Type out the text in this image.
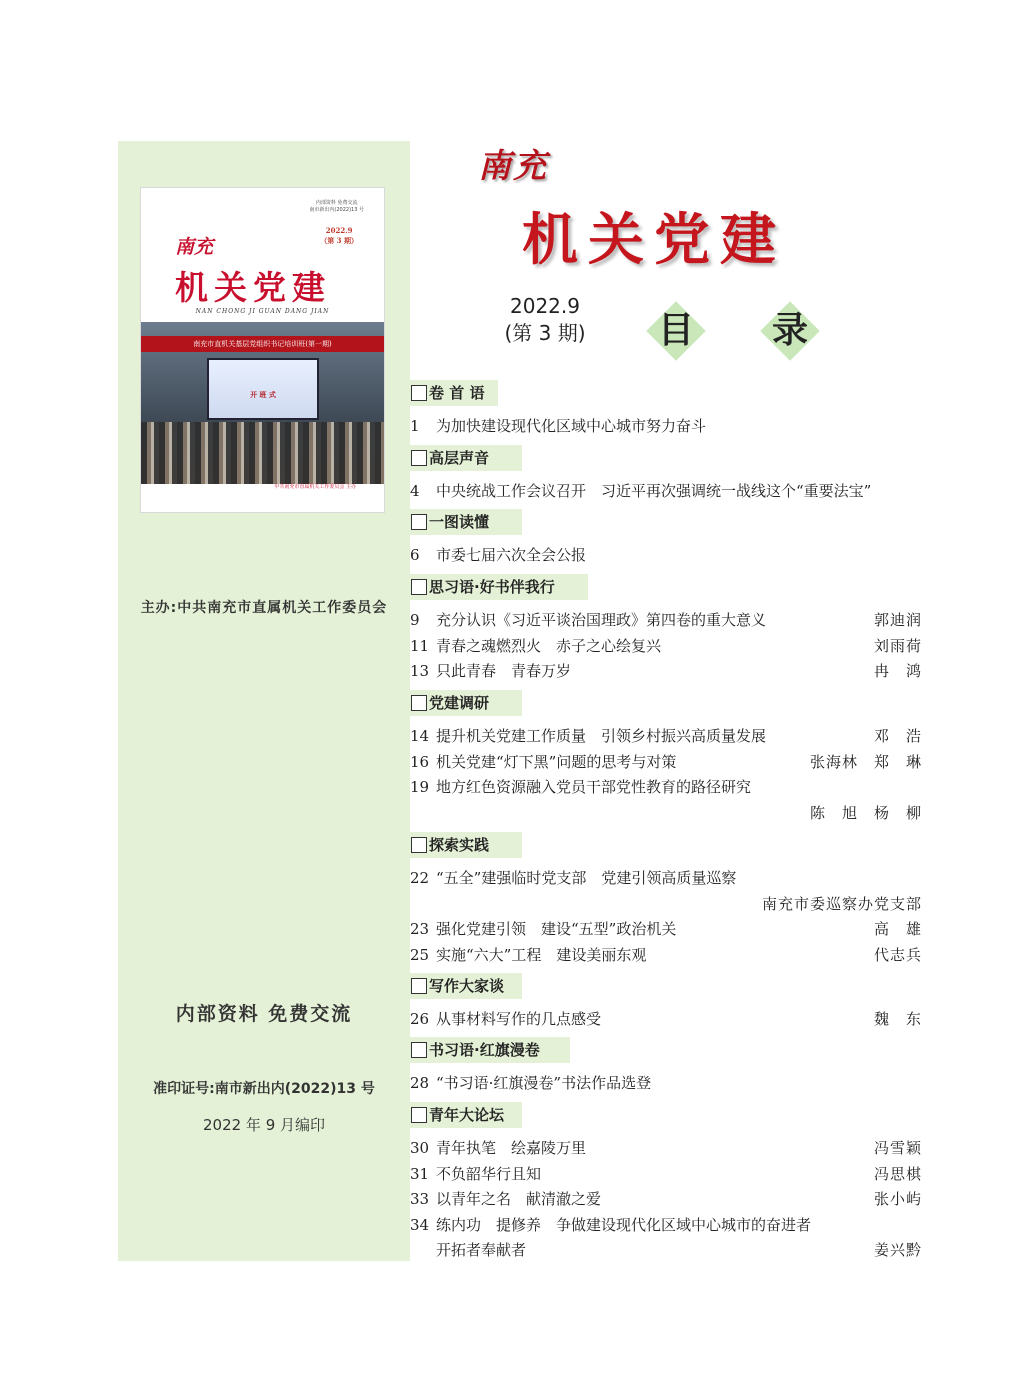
内部资料 免费交流
南市新出内(2022)13 号
2022.9
（第 3 期）
南充
机关党建
NAN CHONG JI GUAN DANG JIAN
南充市直机关基层党组织书记培训班(第一期)
开 班 式
中共南充市直属机关工作委员会 主办
主办:中共南充市直属机关工作委员会
内部资料 免费交流
准印证号:南市新出内(2022)13 号
2022 年 9 月编印
南充
机关党建
2022.9
(第 3 期)	目	录
卷 首 语
1 为加快建设现代化区域中心城市努力奋斗
高层声音
4 中央统战工作会议召开　习近平再次强调统一战线这个“重要法宝”
一图读懂
6 市委七届六次全会公报
思习语·好书伴我行
9 充分认识《习近平谈治国理政》第四卷的重大意义	郭迪润
11 青春之魂燃烈火　赤子之心绘复兴	刘雨荷
13 只此青春　青春万岁	冉　鸿
党建调研
14 提升机关党建工作质量　引领乡村振兴高质量发展	邓　浩
16 机关党建“灯下黑”问题的思考与对策	张海林　郑　琳
19 地方红色资源融入党员干部党性教育的路径研究
陈　旭　杨　柳
探索实践
22 “五全”建强临时党支部　党建引领高质量巡察
南充市委巡察办党支部
23 强化党建引领　建设“五型”政治机关	高　雄
25 实施“六大”工程　建设美丽东观	代志兵
写作大家谈
26 从事材料写作的几点感受	魏　东
书习语·红旗漫卷
28 “书习语·红旗漫卷”书法作品选登
青年大论坛
30 青年执笔　绘嘉陵万里	冯雪颖
31 不负韶华行且知	冯思棋
33 以青年之名　献清澈之爱	张小屿
34 练内功　提修养　争做建设现代化区域中心城市的奋进者
开拓者奉献者	姜兴黔
